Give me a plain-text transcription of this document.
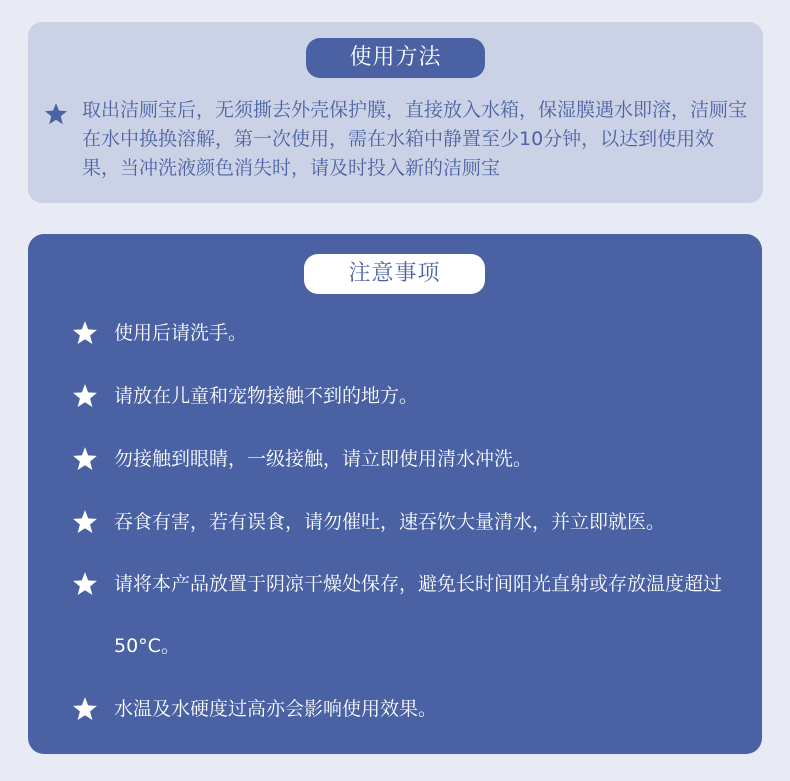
使用方法

取出洁厕宝后，无须撕去外壳保护膜，直接放入水箱，保湿膜遇水即溶，洁厕宝在水中换换溶解，第一次使用，需在水箱中静置至少10分钟，以达到使用效果，当冲洗液颜色消失时，请及时投入新的洁厕宝

注意事项
使用后请洗手。
请放在儿童和宠物接触不到的地方。
勿接触到眼睛，一级接触，请立即使用清水冲洗。
吞食有害，若有误食，请勿催吐，速吞饮大量清水，并立即就医。
请将本产品放置于阴凉干燥处保存，避免长时间阳光直射或存放温度超过50°C。
水温及水硬度过高亦会影响使用效果。
